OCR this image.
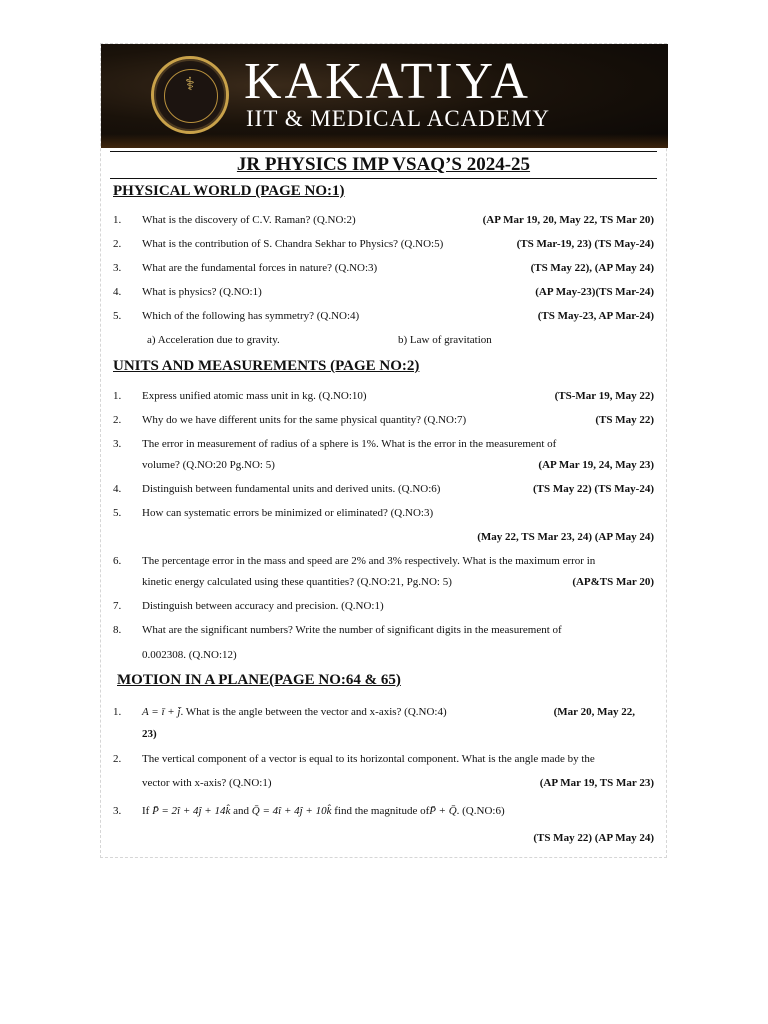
⚕ KAKATIYA
IIT & MEDICAL ACADEMY
JR PHYSICS IMP VSAQ’S 2024-25
PHYSICAL WORLD (PAGE NO:1)
1. What is the discovery of C.V. Raman? (Q.NO:2)	(AP Mar 19, 20, May 22, TS Mar 20)
2. What is the contribution of S. Chandra Sekhar to Physics? (Q.NO:5)	(TS Mar-19, 23) (TS May-24)
3. What are the fundamental forces in nature? (Q.NO:3)	(TS May 22), (AP May 24)
4. What is physics? (Q.NO:1)	(AP May-23)(TS Mar-24)
5. Which of the following has symmetry? (Q.NO:4)	(TS May-23, AP Mar-24)
a) Acceleration due to gravity.	b) Law of gravitation
UNITS AND MEASUREMENTS (PAGE NO:2)
1. Express unified atomic mass unit in kg. (Q.NO:10)	(TS-Mar 19, May 22)
2. Why do we have different units for the same physical quantity? (Q.NO:7)	(TS May 22)
3. The error in measurement of radius of a sphere is 1%. What is the error in the measurement of
volume? (Q.NO:20 Pg.NO: 5)	(AP Mar 19, 24, May 23)
4. Distinguish between fundamental units and derived units. (Q.NO:6)	(TS May 22) (TS May-24)
5. How can systematic errors be minimized or eliminated? (Q.NO:3)
(May 22, TS Mar 23, 24) (AP May 24)
6. The percentage error in the mass and speed are 2% and 3% respectively. What is the maximum error in
kinetic energy calculated using these quantities? (Q.NO:21, Pg.NO: 5)	(AP&TS Mar 20)
7. Distinguish between accuracy and precision. (Q.NO:1)
8. What are the significant numbers? Write the number of significant digits in the measurement of
0.002308. (Q.NO:12)
MOTION IN A PLANE(PAGE NO:64 & 65)
1. A = ī + j̄. What is the angle between the vector and x-axis? (Q.NO:4)	(Mar 20, May 22,
23)
2. The vertical component of a vector is equal to its horizontal component. What is the angle made by the
vector with x-axis? (Q.NO:1)	(AP Mar 19, TS Mar 23)
3. If P̄ = 2î + 4ĵ + 14k̂ and Q̄ = 4î + 4ĵ + 10k̂ find the magnitude ofP̄ + Q̄. (Q.NO:6)
(TS May 22) (AP May 24)
